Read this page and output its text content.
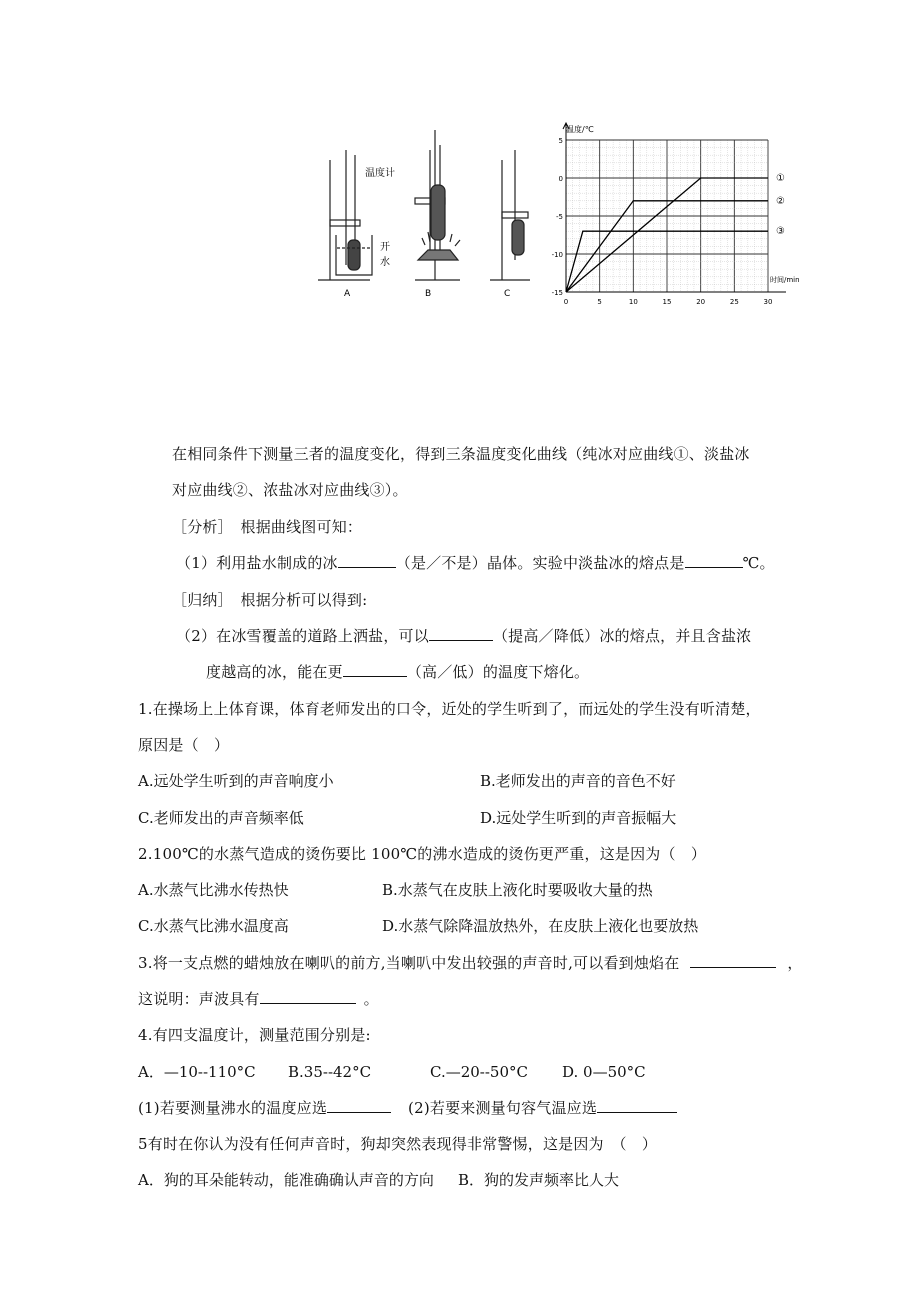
温度计
开
水
A	B	C
0	5	10	15	20	25	30
5
0
-5
-10
-15
①
②
③
温度/℃
时间/min
在相同条件下测量三者的温度变化，得到三条温度变化曲线（纯冰对应曲线①、淡盐冰
对应曲线②、浓盐冰对应曲线③）。
［分析］　根据曲线图可知：
（1）利用盐水制成的冰	（是／不是）晶体。实验中淡盐冰的熔点是	℃。
［归纳］　根据分析可以得到:
（2）在冰雪覆盖的道路上洒盐，可以	（提高／降低）冰的熔点，并且含盐浓
度越高的冰，能在更	（高／低）的温度下熔化。
1.在操场上上体育课，体育老师发出的口令，近处的学生听到了，而远处的学生没有听清楚，
原因是（　）
A.远处学生听到的声音响度小	B.老师发出的声音的音色不好
C.老师发出的声音频率低	D.远处学生听到的声音振幅大
2.100℃的水蒸气造成的烫伤要比 100℃的沸水造成的烫伤更严重，这是因为（　）
A.水蒸气比沸水传热快	B.水蒸气在皮肤上液化时要吸收大量的热
C.水蒸气比沸水温度高	D.水蒸气除降温放热外，在皮肤上液化也要放热
3.将一支点燃的蜡烛放在喇叭的前方,当喇叭中发出较强的声音时,可以看到烛焰在	，
这说明：声波具有	。
4.有四支温度计，测量范围分别是:
A．—10--110°C B.35--42°C	C.—20--50°C D. 0—50°C
(1)若要测量沸水的温度应选	(2)若要来测量句容气温应选
5有时在你认为没有任何声音时，狗却突然表现得非常警惕，这是因为　（　）
A．狗的耳朵能转动，能准确确认声音的方向 B．狗的发声频率比人大
